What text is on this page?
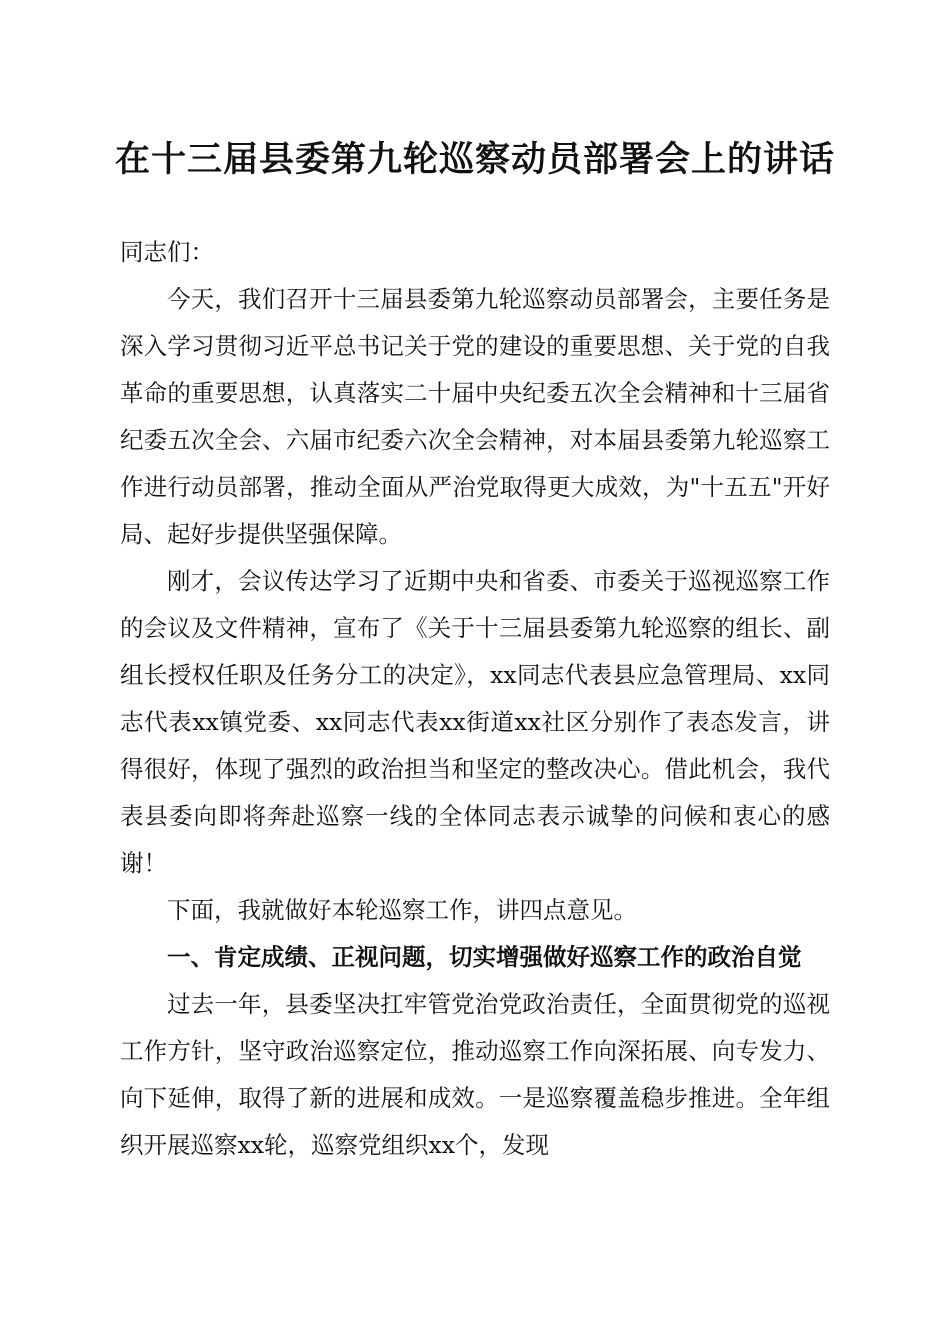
在十三届县委第九轮巡察动员部署会上的讲话

同志们：

今天，我们召开十三届县委第九轮巡察动员部署会，主要任务是深入学习贯彻习近平总书记关于党的建设的重要思想、关于党的自我革命的重要思想，认真落实二十届中央纪委五次全会精神和十三届省纪委五次全会、六届市纪委六次全会精神，对本届县委第九轮巡察工作进行动员部署，推动全面从严治党取得更大成效，为"十五五"开好局、起好步提供坚强保障。

刚才，会议传达学习了近期中央和省委、市委关于巡视巡察工作的会议及文件精神，宣布了《关于十三届县委第九轮巡察的组长、副组长授权任职及任务分工的决定》，xx同志代表县应急管理局、xx同志代表xx镇党委、xx同志代表xx街道xx社区分别作了表态发言，讲得很好，体现了强烈的政治担当和坚定的整改决心。借此机会，我代表县委向即将奔赴巡察一线的全体同志表示诚挚的问候和衷心的感谢！

下面，我就做好本轮巡察工作，讲四点意见。

一、肯定成绩、正视问题，切实增强做好巡察工作的政治自觉

过去一年，县委坚决扛牢管党治党政治责任，全面贯彻党的巡视工作方针，坚守政治巡察定位，推动巡察工作向深拓展、向专发力、向下延伸，取得了新的进展和成效。一是巡察覆盖稳步推进。全年组织开展巡察xx轮，巡察党组织xx个，发现
